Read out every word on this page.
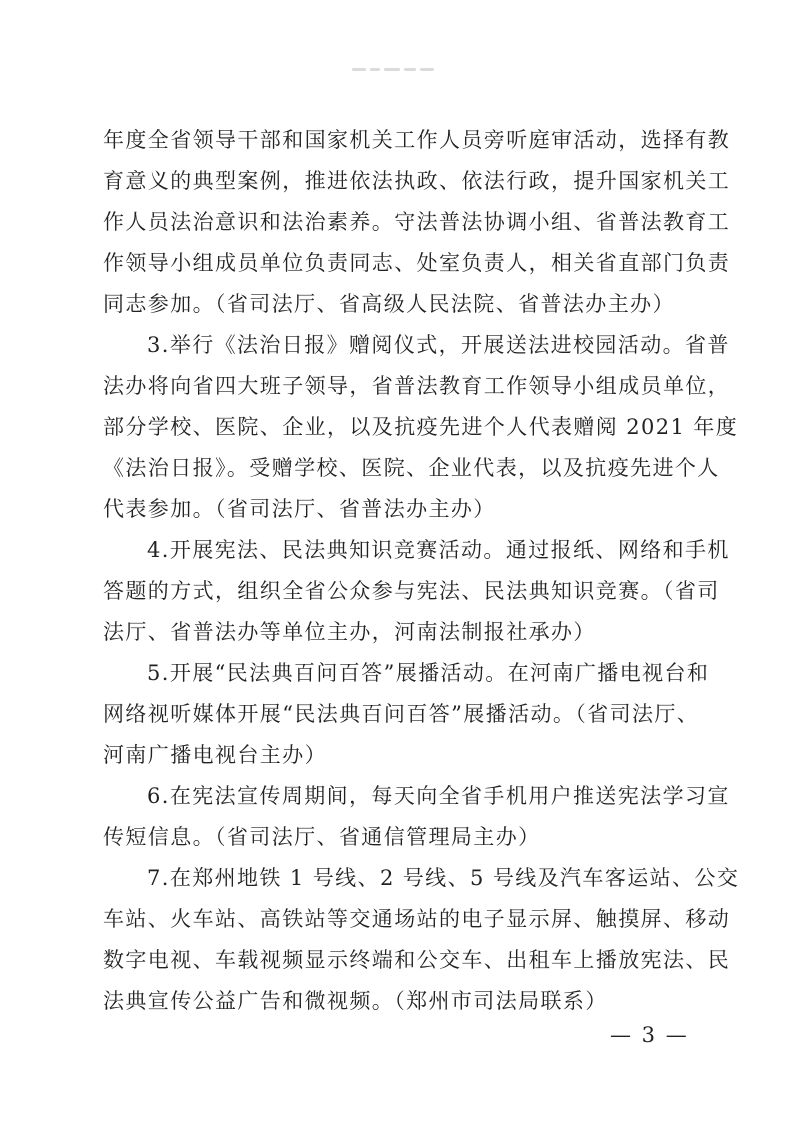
年度全省领导干部和国家机关工作人员旁听庭审活动，选择有教
育意义的典型案例，推进依法执政、依法行政，提升国家机关工
作人员法治意识和法治素养。守法普法协调小组、省普法教育工
作领导小组成员单位负责同志、处室负责人，相关省直部门负责
同志参加。（省司法厅、省高级人民法院、省普法办主办）
3.举行《法治日报》赠阅仪式，开展送法进校园活动。省普
法办将向省四大班子领导，省普法教育工作领导小组成员单位，
部分学校、医院、企业，以及抗疫先进个人代表赠阅 2021 年度
《法治日报》。受赠学校、医院、企业代表，以及抗疫先进个人
代表参加。（省司法厅、省普法办主办）
4.开展宪法、民法典知识竞赛活动。通过报纸、网络和手机
答题的方式，组织全省公众参与宪法、民法典知识竞赛。（省司
法厅、省普法办等单位主办，河南法制报社承办）
5.开展“民法典百问百答”展播活动。在河南广播电视台和
网络视听媒体开展“民法典百问百答”展播活动。（省司法厅、
河南广播电视台主办）
6.在宪法宣传周期间，每天向全省手机用户推送宪法学习宣
传短信息。（省司法厅、省通信管理局主办）
7.在郑州地铁 1 号线、2 号线、5 号线及汽车客运站、公交
车站、火车站、高铁站等交通场站的电子显示屏、触摸屏、移动
数字电视、车载视频显示终端和公交车、出租车上播放宪法、民
法典宣传公益广告和微视频。（郑州市司法局联系）
— 3 —
